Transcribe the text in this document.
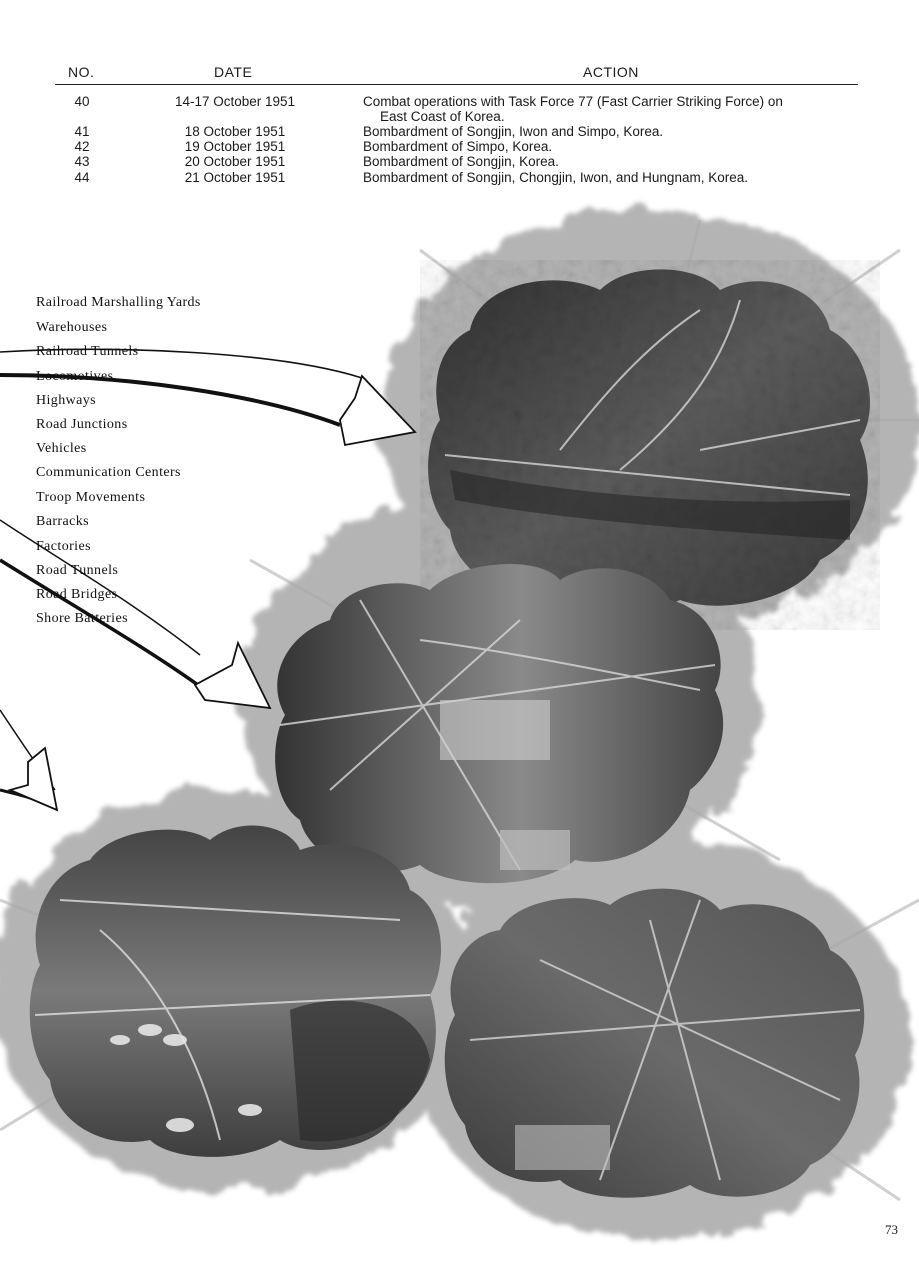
NO.	DATE	ACTION
40	14-17 October 1951	Combat operations with Task Force 77 (Fast Carrier Striking Force) on
East Coast of Korea.
41	18 October 1951	Bombardment of Songjin, Iwon and Simpo, Korea.
42	19 October 1951	Bombardment of Simpo, Korea.
43	20 October 1951	Bombardment of Songjin, Korea.
44	21 October 1951	Bombardment of Songjin, Chongjin, Iwon, and Hungnam, Korea.
Railroad Marshalling Yards
Warehouses
Railroad Tunnels
Locomotives
Highways
Road Junctions
Vehicles
Communication Centers
Troop Movements
Barracks
Factories
Road Tunnels
Road Bridges
Shore Batteries
73
